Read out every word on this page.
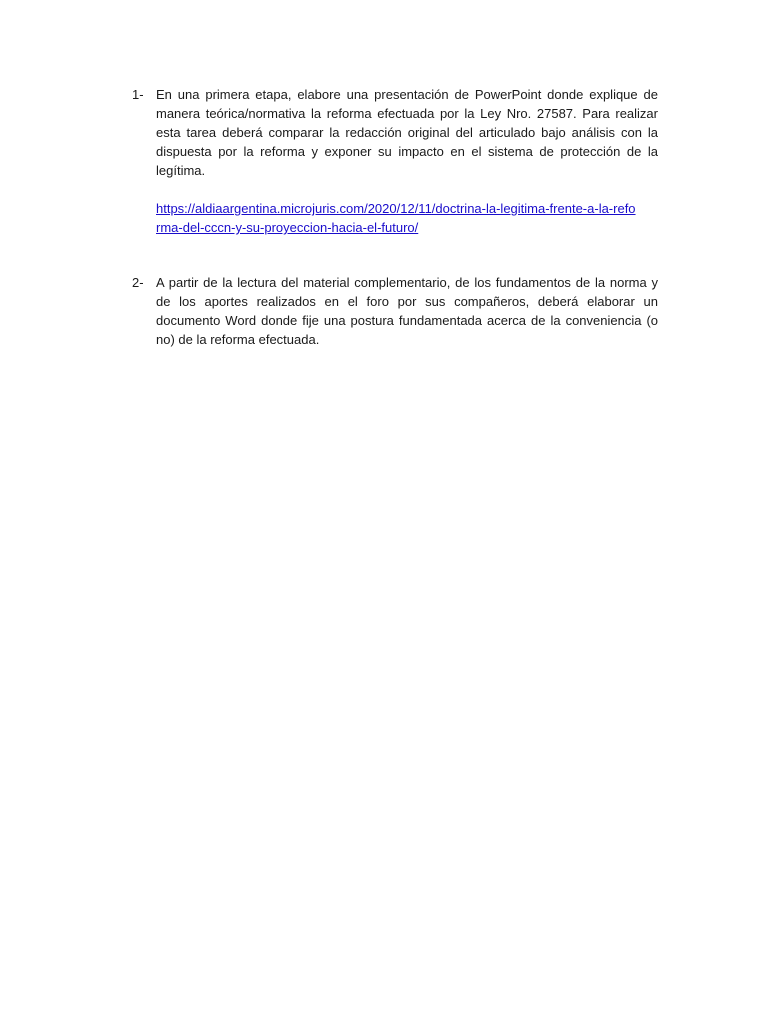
1- En una primera etapa, elabore una presentación de PowerPoint donde explique de manera teórica/normativa la reforma efectuada por la Ley Nro. 27587. Para realizar esta tarea deberá comparar la redacción original del articulado bajo análisis con la dispuesta por la reforma y exponer su impacto en el sistema de protección de la legítima.
https://aldiaargentina.microjuris.com/2020/12/11/doctrina-la-legitima-frente-a-la-reforma-del-cccn-y-su-proyeccion-hacia-el-futuro/
2- A partir de la lectura del material complementario, de los fundamentos de la norma y de los aportes realizados en el foro por sus compañeros, deberá elaborar un documento Word donde fije una postura fundamentada acerca de la conveniencia (o no) de la reforma efectuada.
